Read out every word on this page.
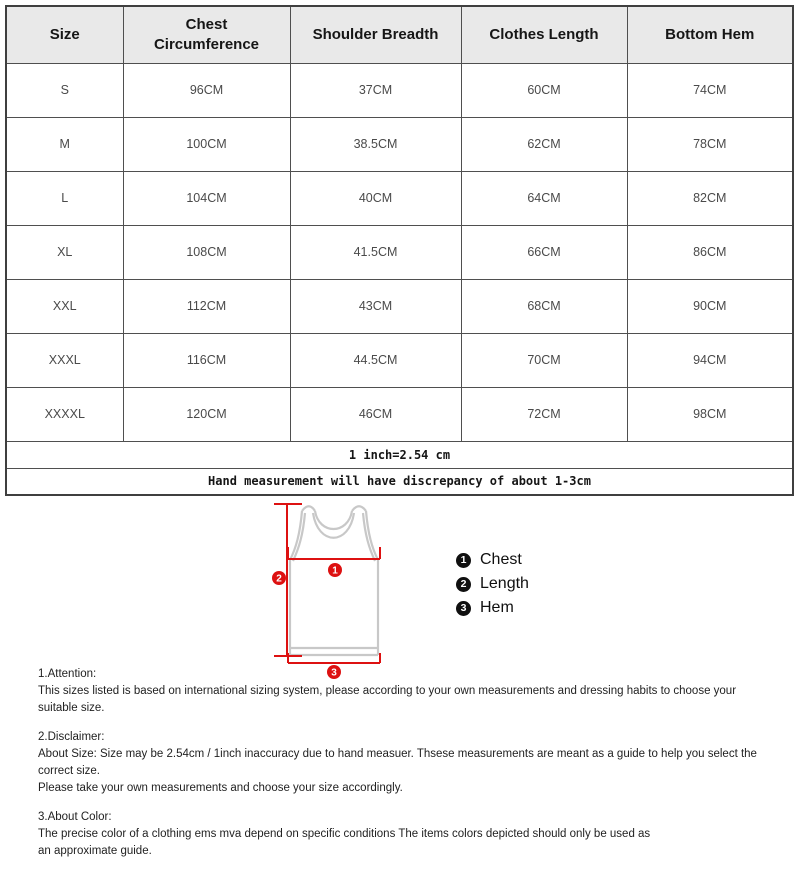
Size	Chest Circumference	Shoulder Breadth	Clothes Length	Bottom Hem
S	96CM	37CM	60CM	74CM
M	100CM	38.5CM	62CM	78CM
L	104CM	40CM	64CM	82CM
XL	108CM	41.5CM	66CM	86CM
XXL	112CM	43CM	68CM	90CM
XXXL	116CM	44.5CM	70CM	94CM
XXXXL	120CM	46CM	72CM	98CM
1 inch=2.54 cm				
Hand measurement will have discrepancy of about 1-3cm				
1
2
3
1 Chest
2 Length
3 Hem
1.Attention:
This sizes listed is based on international sizing system, please according to your own measurements and dressing habits to choose your suitable size.
2.Disclaimer:
About Size: Size may be 2.54cm / 1inch inaccuracy due to hand measuer. Thsese measurements are meant as a guide to help you select the correct size.
Please take your own measurements and choose your size accordingly.
3.About Color:
The precise color of a clothing ems mva depend on specific conditions The items colors depicted should only be used as
an approximate guide.
